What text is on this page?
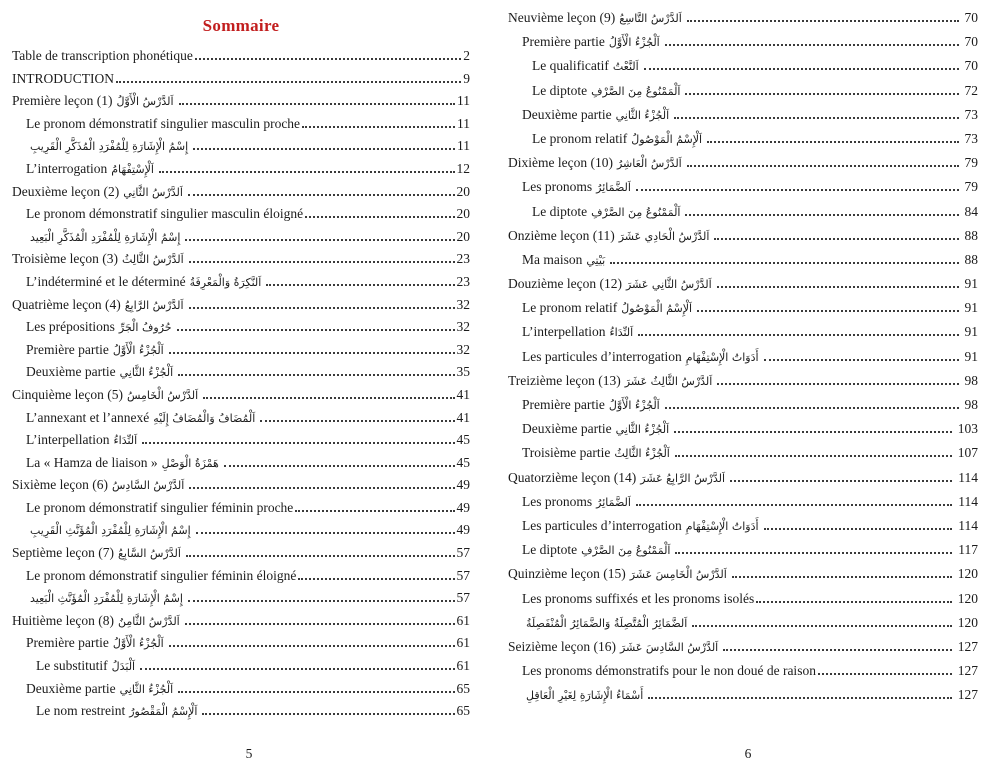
Sommaire
Table de transcription phonétique	2
INTRODUCTION	9
Première leçon (1) اَلدَّرْسُ الْأَوَّلُ	11
Le pronom démonstratif singulier masculin proche	11
إِسْمُ الْإِشَارَةِ لِلْمُفْرَدِ الْمُذَكَّرِ الْقَرِيبِ	11
L’interrogation اَلْإِسْتِفْهَامُ	12
Deuxième leçon (2) اَلدَّرْسُ الثَّانِي	20
Le pronom démonstratif singulier masculin éloigné	20
إِسْمُ الْإِشَارَةِ لِلْمُفْرَدِ الْمُذَكَّرِ الْبَعِيد	20
Troisième leçon (3) اَلدَّرْسُ الثَّالِثُ	23
L’indéterminé et le déterminé اَلنَّكِرَةُ وَالْمَعْرِفَةُ	23
Quatrième leçon (4) اَلدَّرْسُ الرَّابِعُ	32
Les prépositions حُرُوفُ الْجَرِّ	32
Première partie اَلْجُزْءُ الْأَوَّلُ	32
Deuxième partie اَلْجُزْءُ الثَّانِي	35
Cinquième leçon (5) اَلدَّرْسُ الْخَامِسُ	41
L’annexant et l’annexé اَلْمُضَافُ وَالْمُضَافُ إِلَيْهِ	41
L’interpellation اَلنِّدَاءُ	45
La « Hamza de liaison » هَمْزَةُ الْوَصْلِ	45
Sixième leçon (6) اَلدَّرْسُ السَّادِسُ	49
Le pronom démonstratif singulier féminin proche	49
إِسْمُ الْإِشَارَةِ لِلْمُفْرَدِ الْمُؤَنَّثِ الْقَرِيبِ	49
Septième leçon (7) اَلدَّرْسُ السَّابِعُ	57
Le pronom démonstratif singulier féminin éloigné	57
إِسْمُ الْإِشَارَةِ لِلْمُفْرَدِ الْمُؤَنَّثِ الْبَعِيد	57
Huitième leçon (8) اَلدَّرْسُ الثَّامِنُ	61
Première partie اَلْجُزْءُ الْأَوَّلُ	61
Le substitutif اَلْبَدَلُ	61
Deuxième partie اَلْجُزْءُ الثَّانِي	65
Le nom restreint اَلْإِسْمُ الْمَقْصُورُ	65
5
Neuvième leçon (9) اَلدَّرْسُ التَّاسِعُ	70
Première partie اَلْجُزْءُ الْأَوَّلُ	70
Le qualificatif اَلنَّعْتُ	70
Le diptote اَلْمَمْنُوعُ مِنَ الصَّرْفِ	72
Deuxième partie اَلْجُزْءُ الثَّانِي	73
Le pronom relatif اَلْإِسْمُ الْمَوْصُولُ	73
Dixième leçon (10) اَلدَّرْسُ الْعَاشِرُ	79
Les pronoms اَلضَّمَائِرُ	79
Le diptote اَلْمَمْنُوعُ مِنَ الصَّرْفِ	84
Onzième leçon (11) اَلدَّرْسُ الْحَادِي عَشَرَ	88
Ma maison بَيْتِي	88
Douzième leçon (12) اَلدَّرْسُ الثَّانِي عَشَرَ	91
Le pronom relatif اَلْإِسْمُ الْمَوْصُولُ	91
L’interpellation اَلنِّدَاءُ	91
Les particules d’interrogation أَدَوَاتُ الْإِسْتِفْهَامِ	91
Treizième leçon (13) اَلدَّرْسُ الثَّالِثُ عَشَرَ	98
Première partie اَلْجُزْءُ الْأَوَّلُ	98
Deuxième partie اَلْجُزْءُ الثَّانِي	103
Troisième partie اَلْجُزْءُ الثَّالِثُ	107
Quatorzième leçon (14) اَلدَّرْسُ الرَّابِعُ عَشَرَ	114
Les pronoms اَلضَّمَائِرُ	114
Les particules d’interrogation أَدَوَاتُ الْإِسْتِفْهَامِ	114
Le diptote اَلْمَمْنُوعُ مِنَ الصَّرْفِ	117
Quinzième leçon (15) اَلدَّرْسُ الْخَامِسَ عَشَرَ	120
Les pronoms suffixés et les pronoms isolés	120
اَلضَّمَائِرُ الْمُتَّصِلَةُ وَالضَّمَائِرُ الْمُنْفَصِلَةُ	120
Seizième leçon (16) اَلدَّرْسُ السَّادِسَ عَشَرَ	127
Les pronoms démonstratifs pour le non doué de raison	127
أَسْمَاءُ الْإِشَارَةِ لِغَيْرِ الْعَاقِلِ	127
6
